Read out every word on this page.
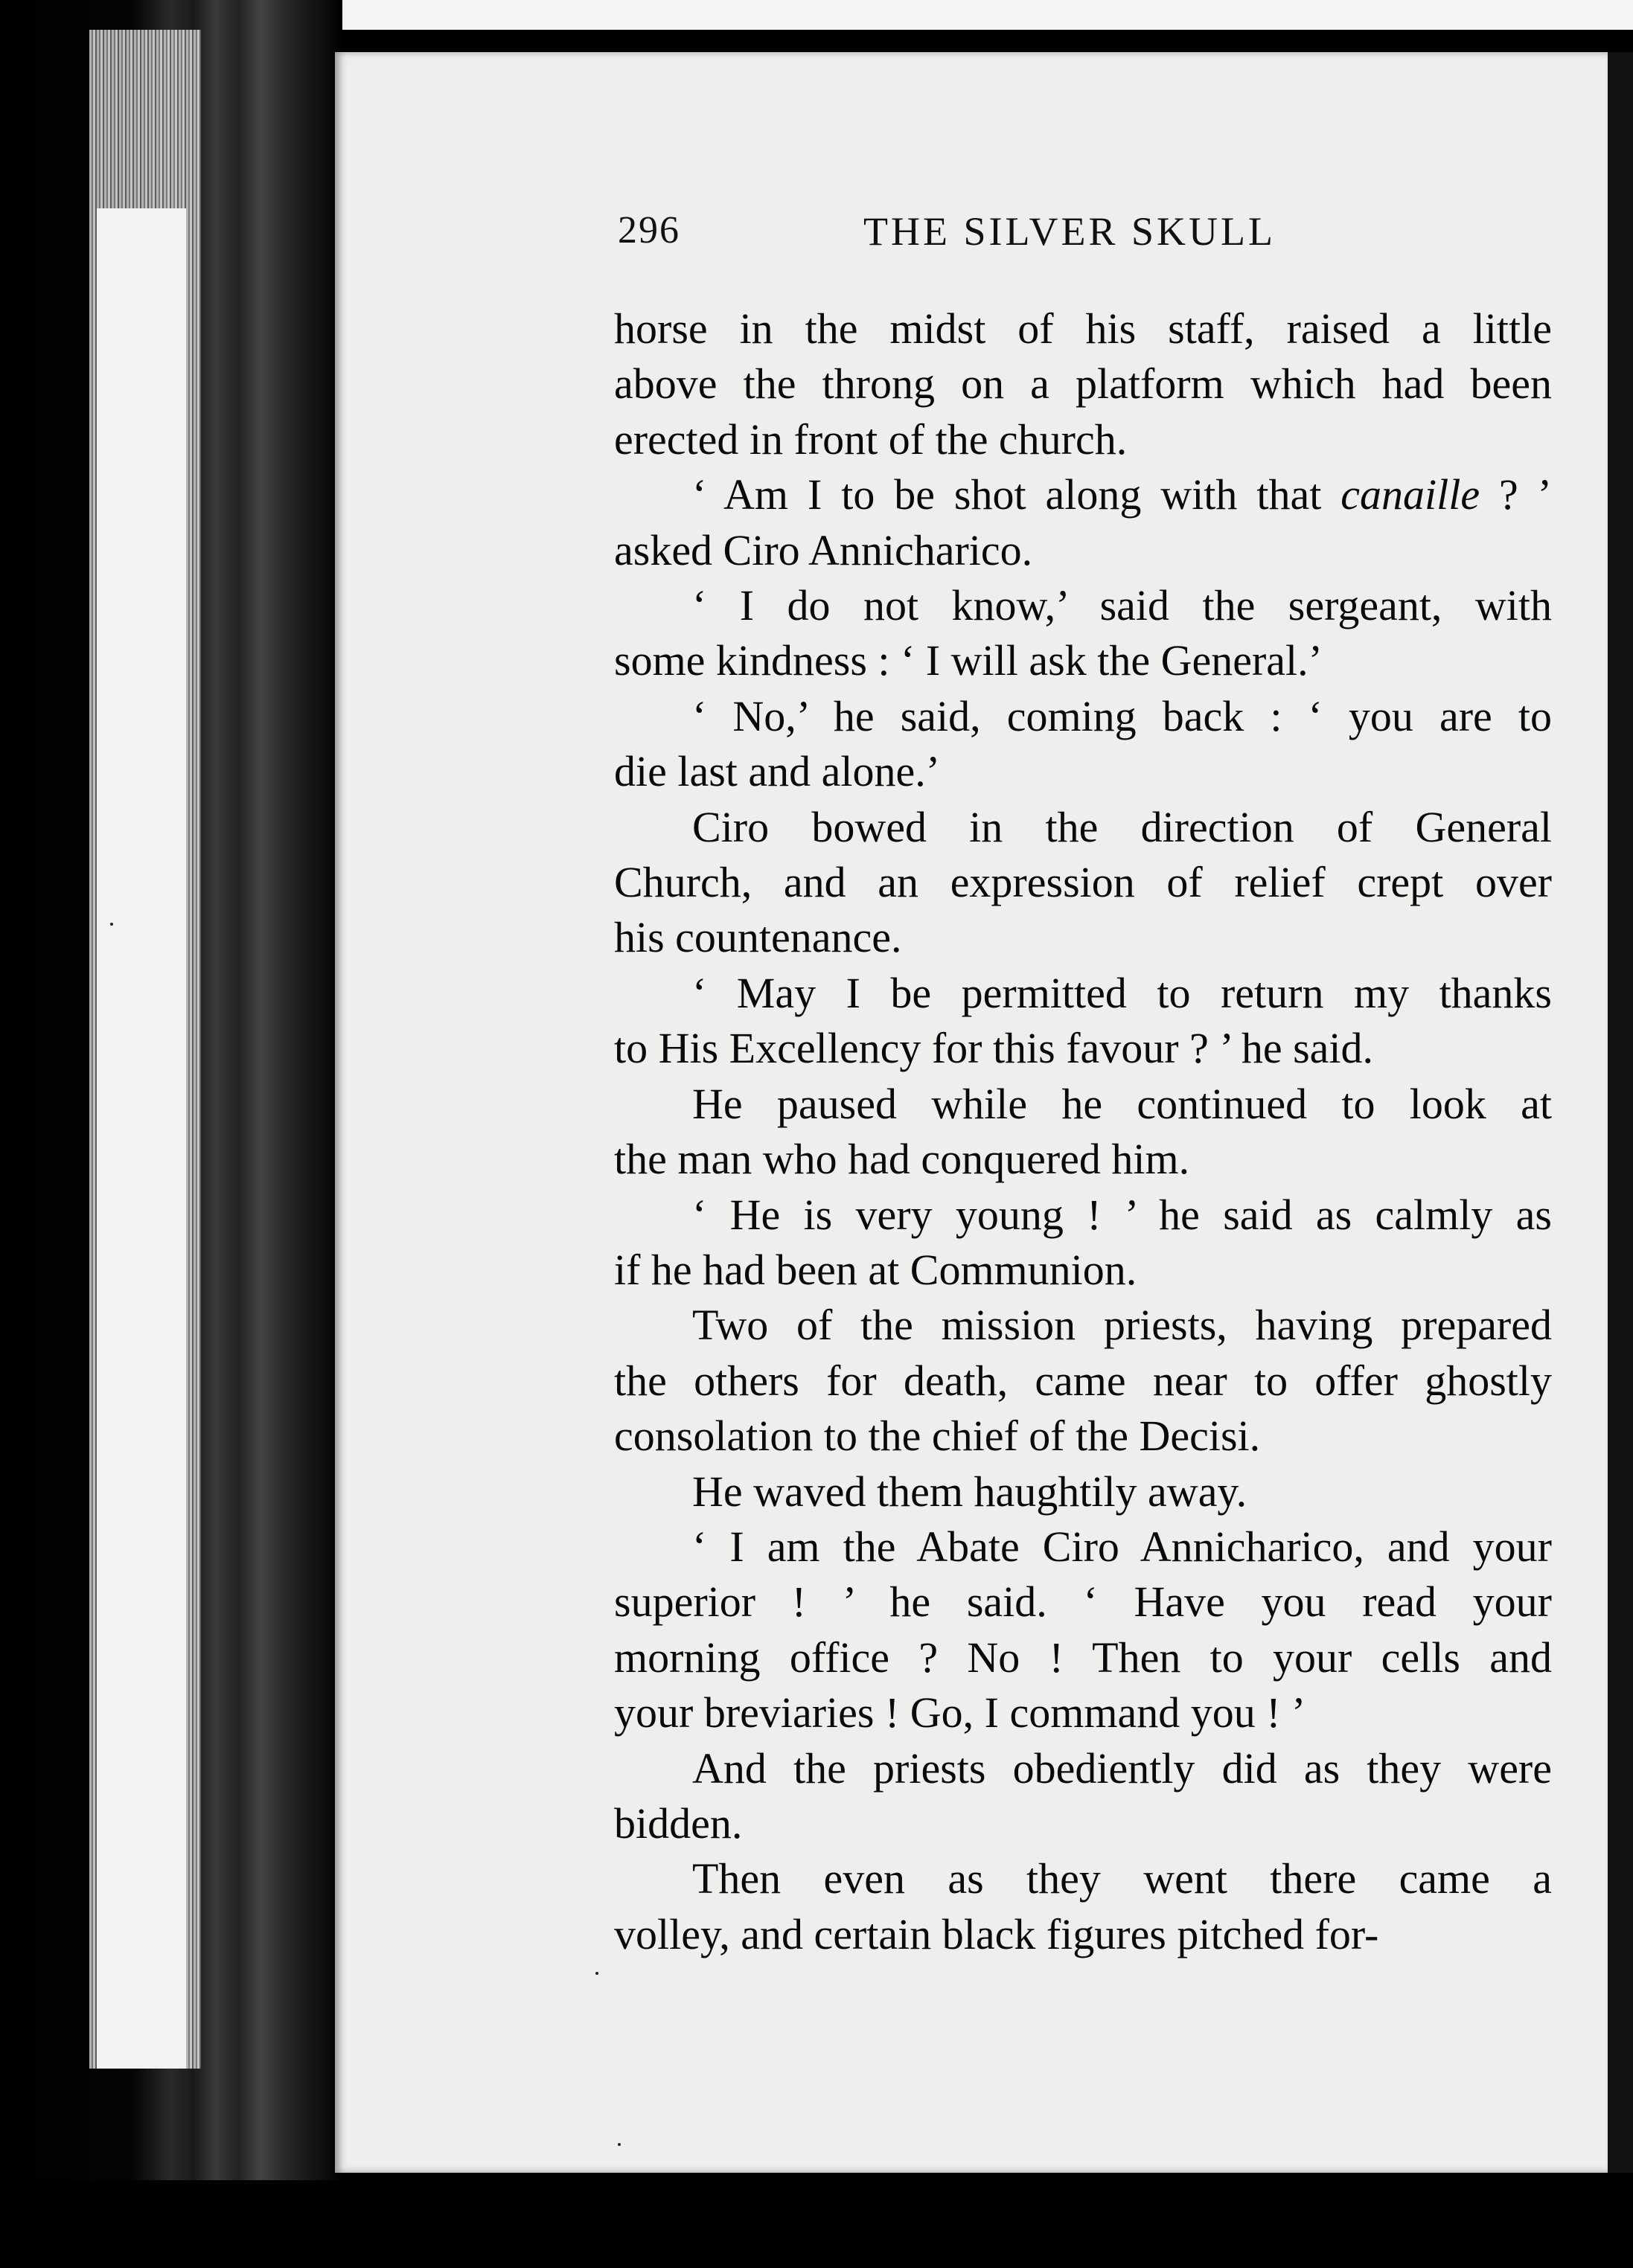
296	THE SILVER SKULL
horse in the midst of his staff, raised a little
above the throng on a platform which had been
erected in front of the church.
‘ Am I to be shot along with that canaille ? ’
asked Ciro Annicharico.
‘ I do not know,’ said the sergeant, with
some kindness : ‘ I will ask the General.’
‘ No,’ he said, coming back : ‘ you are to
die last and alone.’
Ciro bowed in the direction of General
Church, and an expression of relief crept over
his countenance.
‘ May I be permitted to return my thanks
to His Excellency for this favour ? ’ he said.
He paused while he continued to look at
the man who had conquered him.
‘ He is very young ! ’ he said as calmly as
if he had been at Communion.
Two of the mission priests, having prepared
the others for death, came near to offer ghostly
consolation to the chief of the Decisi.
He waved them haughtily away.
‘ I am the Abate Ciro Annicharico, and your
superior ! ’ he said. ‘ Have you read your
morning office ? No ! Then to your cells and
your breviaries ! Go, I command you ! ’
And the priests obediently did as they were
bidden.
Then even as they went there came a
volley, and certain black figures pitched for-
